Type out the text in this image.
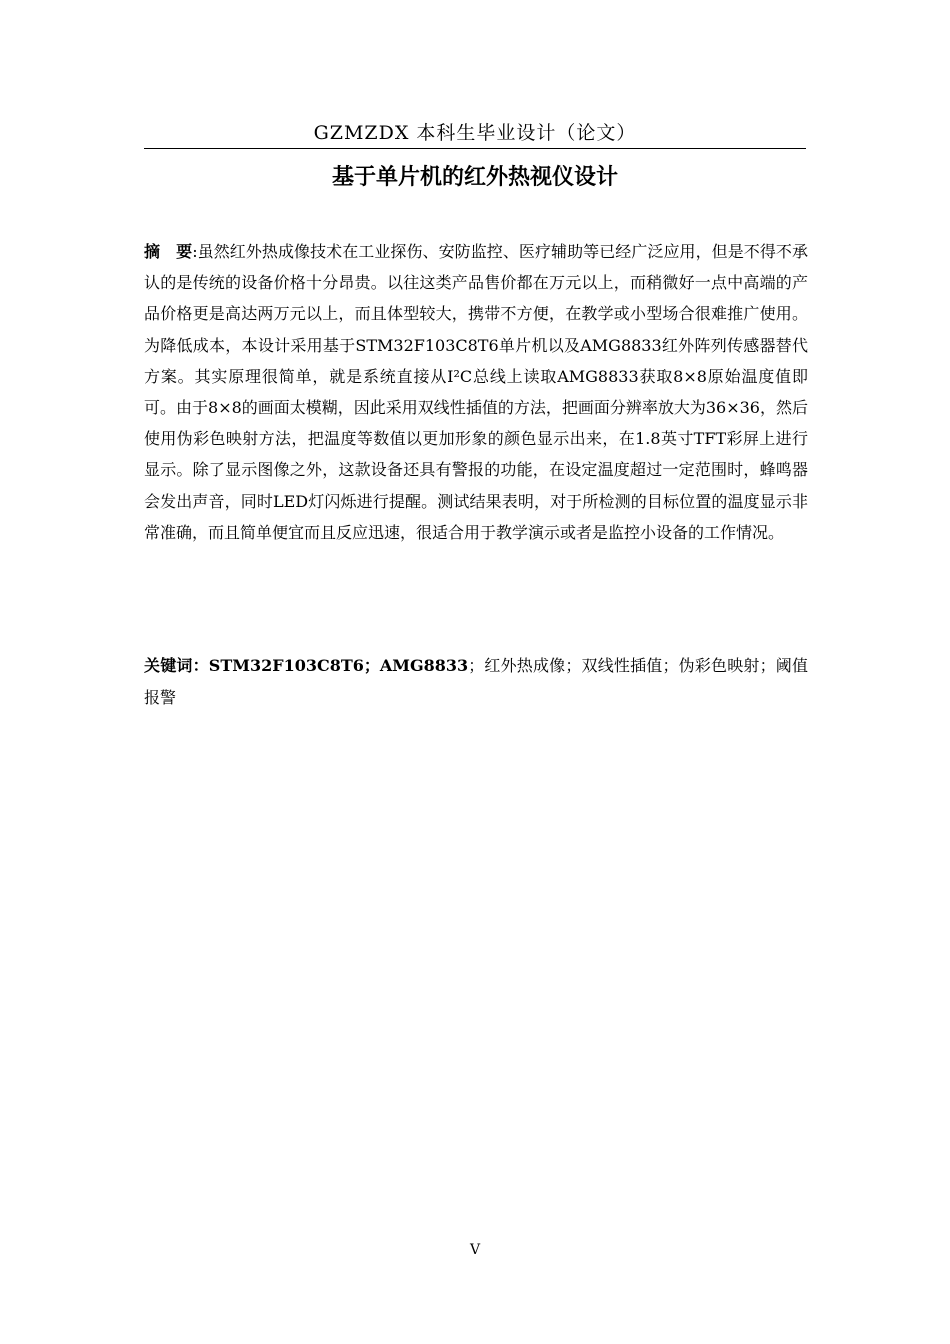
GZMZDX 本科生毕业设计（论文）
基于单片机的红外热视仪设计

摘　要:虽然红外热成像技术在工业探伤、安防监控、医疗辅助等已经广泛应用，但是不得不承认的是传统的设备价格十分昂贵。以往这类产品售价都在万元以上，而稍微好一点中高端的产品价格更是高达两万元以上，而且体型较大，携带不方便，在教学或小型场合很难推广使用。为降低成本，本设计采用基于STM32F103C8T6单片机以及AMG8833红外阵列传感器替代方案。其实原理很简单，就是系统直接从I²C总线上读取AMG8833获取8×8原始温度值即可。由于8×8的画面太模糊，因此采用双线性插值的方法，把画面分辨率放大为36×36，然后使用伪彩色映射方法，把温度等数值以更加形象的颜色显示出来，在1.8英寸TFT彩屏上进行显示。除了显示图像之外，这款设备还具有警报的功能，在设定温度超过一定范围时，蜂鸣器会发出声音，同时LED灯闪烁进行提醒。测试结果表明，对于所检测的目标位置的温度显示非常准确，而且简单便宜而且反应迅速，很适合用于教学演示或者是监控小设备的工作情况。

关键词：STM32F103C8T6；AMG8833；红外热成像；双线性插值；伪彩色映射；阈值报警

V
